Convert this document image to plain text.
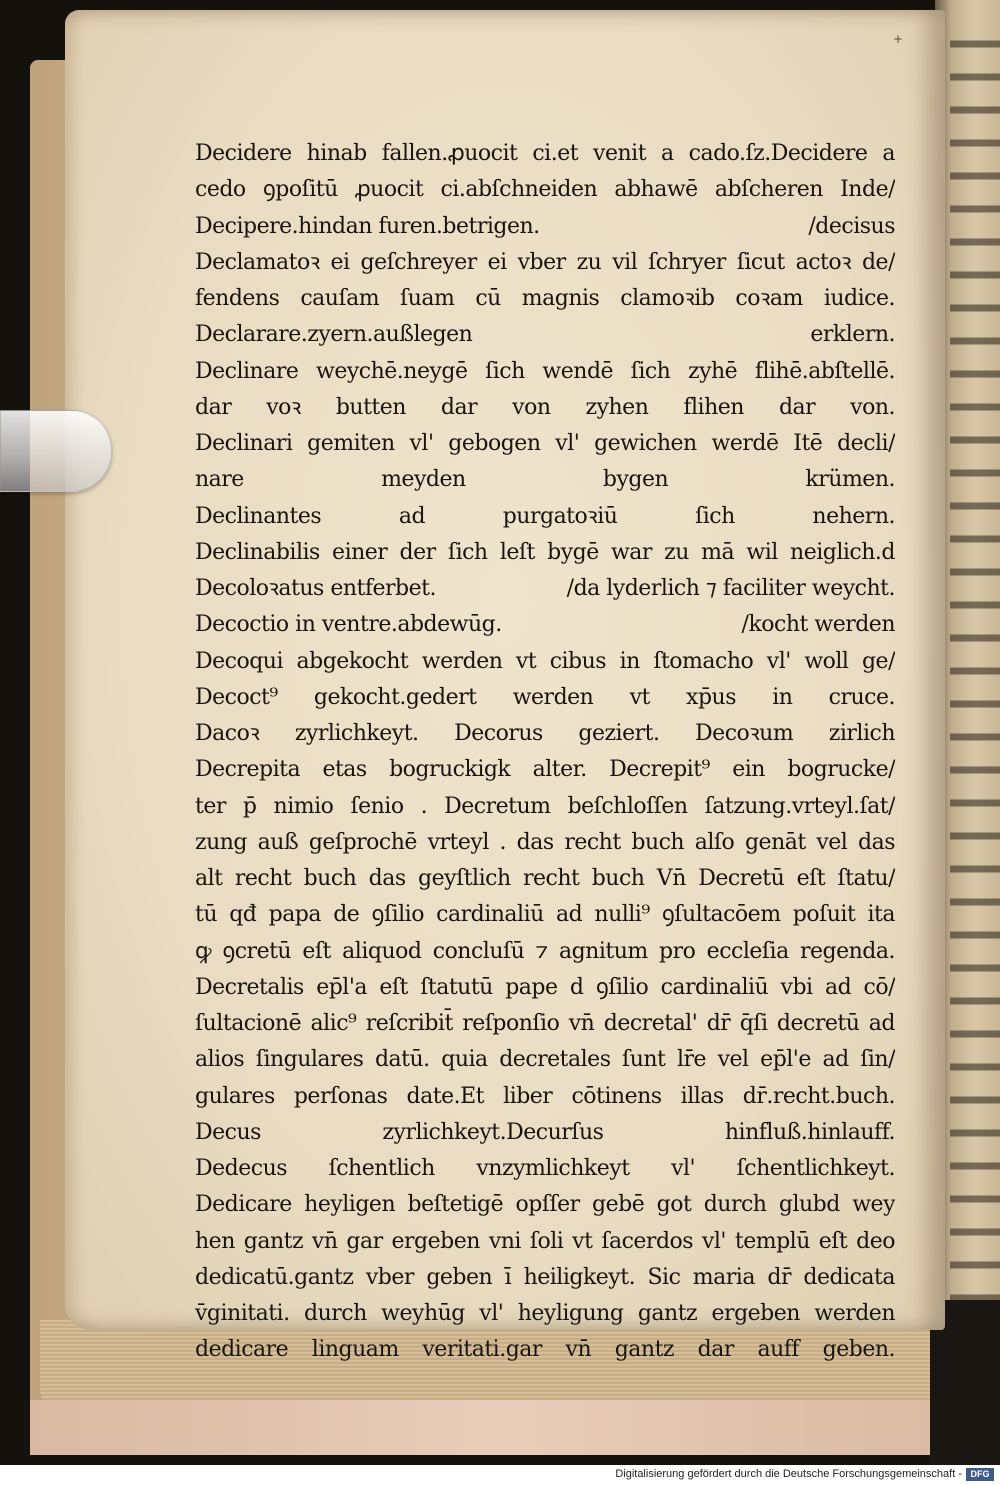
+
Decidere hinab fallen.ꝓuocit ci.et venit a cado.ſz.Decidere a
cedo ꝯpoſitū ꝓuocit ci.abſchneiden abhawē abſcheren Inde/
Decipere.hindan furen.betrigen.	/decisus
Declamatoꝛ ei geſchreyer ei vber zu vil ſchryer ſicut actoꝛ de/
fendens cauſam ſuam cū magnis clamoꝛib coꝛam iudice.
Declarare.zyern.außlegen erklern.
Declinare weychē.neygē ſich wendē ſich zyhē flihē.abſtellē.
dar voꝛ butten dar von zyhen flihen dar von.
Declinari gemiten vl' gebogen vl' gewichen werdē Itē decli/
nare meyden bygen krümen.
Declinantes ad purgatoꝛiū ſich nehern.
Declinabilis einer der ſich leſt bygē war zu mā wil neiglich.d
Decoloꝛatus entferbet.	/da lyderlich ⁊ faciliter weycht.
Decoctio in ventre.abdewūg.	/kocht werden
Decoqui abgekocht werden vt cibus in ſtomacho vl' woll ge/
Decoct⁹ gekocht.gedert werden vt xp̄us in cruce.
Dacoꝛ zyrlichkeyt. Decorus geziert. Decoꝛum zirlich
Decrepita etas bogruckigk alter. Decrepit⁹ ein bogrucke/
ter p̄ nimio ſenio . Decretum beſchloſſen ſatzung.vrteyl.ſat/
zung auß geſprochē vrteyl . das recht buch alſo genāt vel das
alt recht buch das geyſtlich recht buch Vn̄ Decretū eſt ſtatu/
tū qđ papa de ꝯſilio cardinaliū ad nulli⁹ ꝯſultacōem poſuit ita
ꝙ ꝯcretū eſt aliquod concluſū ⁊ agnitum pro eccleſia regenda.
Decretalis ep̄l'a eſt ſtatutū pape d ꝯſilio cardinaliū vbi ad cō/
ſultacionē alic⁹ reſcribit̄ reſponſio vn̄ decretal' dr̄ q̄ſi decretū ad
alios ſingulares datū. quia decretales ſunt lr̄e vel ep̄l'e ad ſin/
gulares perſonas date.Et liber cōtinens illas dr̄.recht.buch.
Decus zyrlichkeyt.Decurſus hinfluß.hinlauff.
Dedecus ſchentlich vnzymlichkeyt vl' ſchentlichkeyt.
Dedicare heyligen beſtetigē opſſer gebē got durch glubd wey
hen gantz vn̄ gar ergeben vni ſoli vt ſacerdos vl' templū eſt deo
dedicatū.gantz vber geben ī heiligkeyt. Sic maria dr̄ dedicata
v̄ginitati. durch weyhūg vl' heyligung gantz ergeben werden
dedicare linguam veritati.gar vn̄ gantz dar auff geben.
Digitalisierung gefördert durch die Deutsche Forschungsgemeinschaft - DFG
